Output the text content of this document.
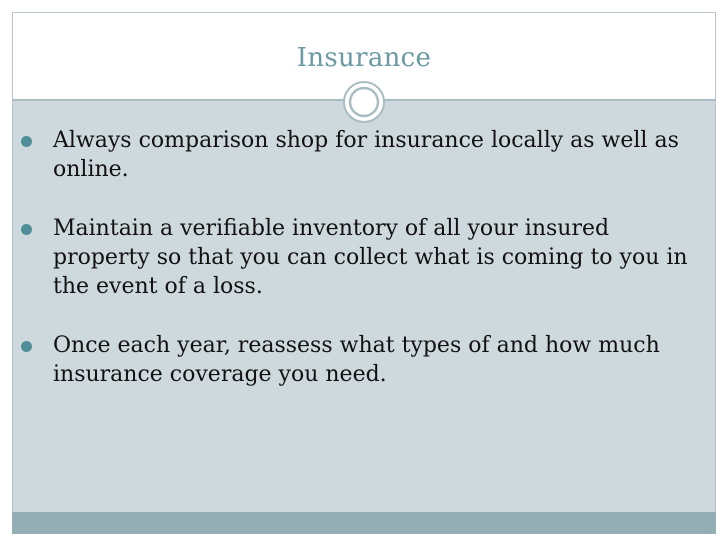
Insurance
Always comparison shop for insurance locally as well as online.
Maintain a verifiable inventory of all your insured property so that you can collect what is coming to you in the event of a loss.
Once each year, reassess what types of and how much insurance coverage you need.
